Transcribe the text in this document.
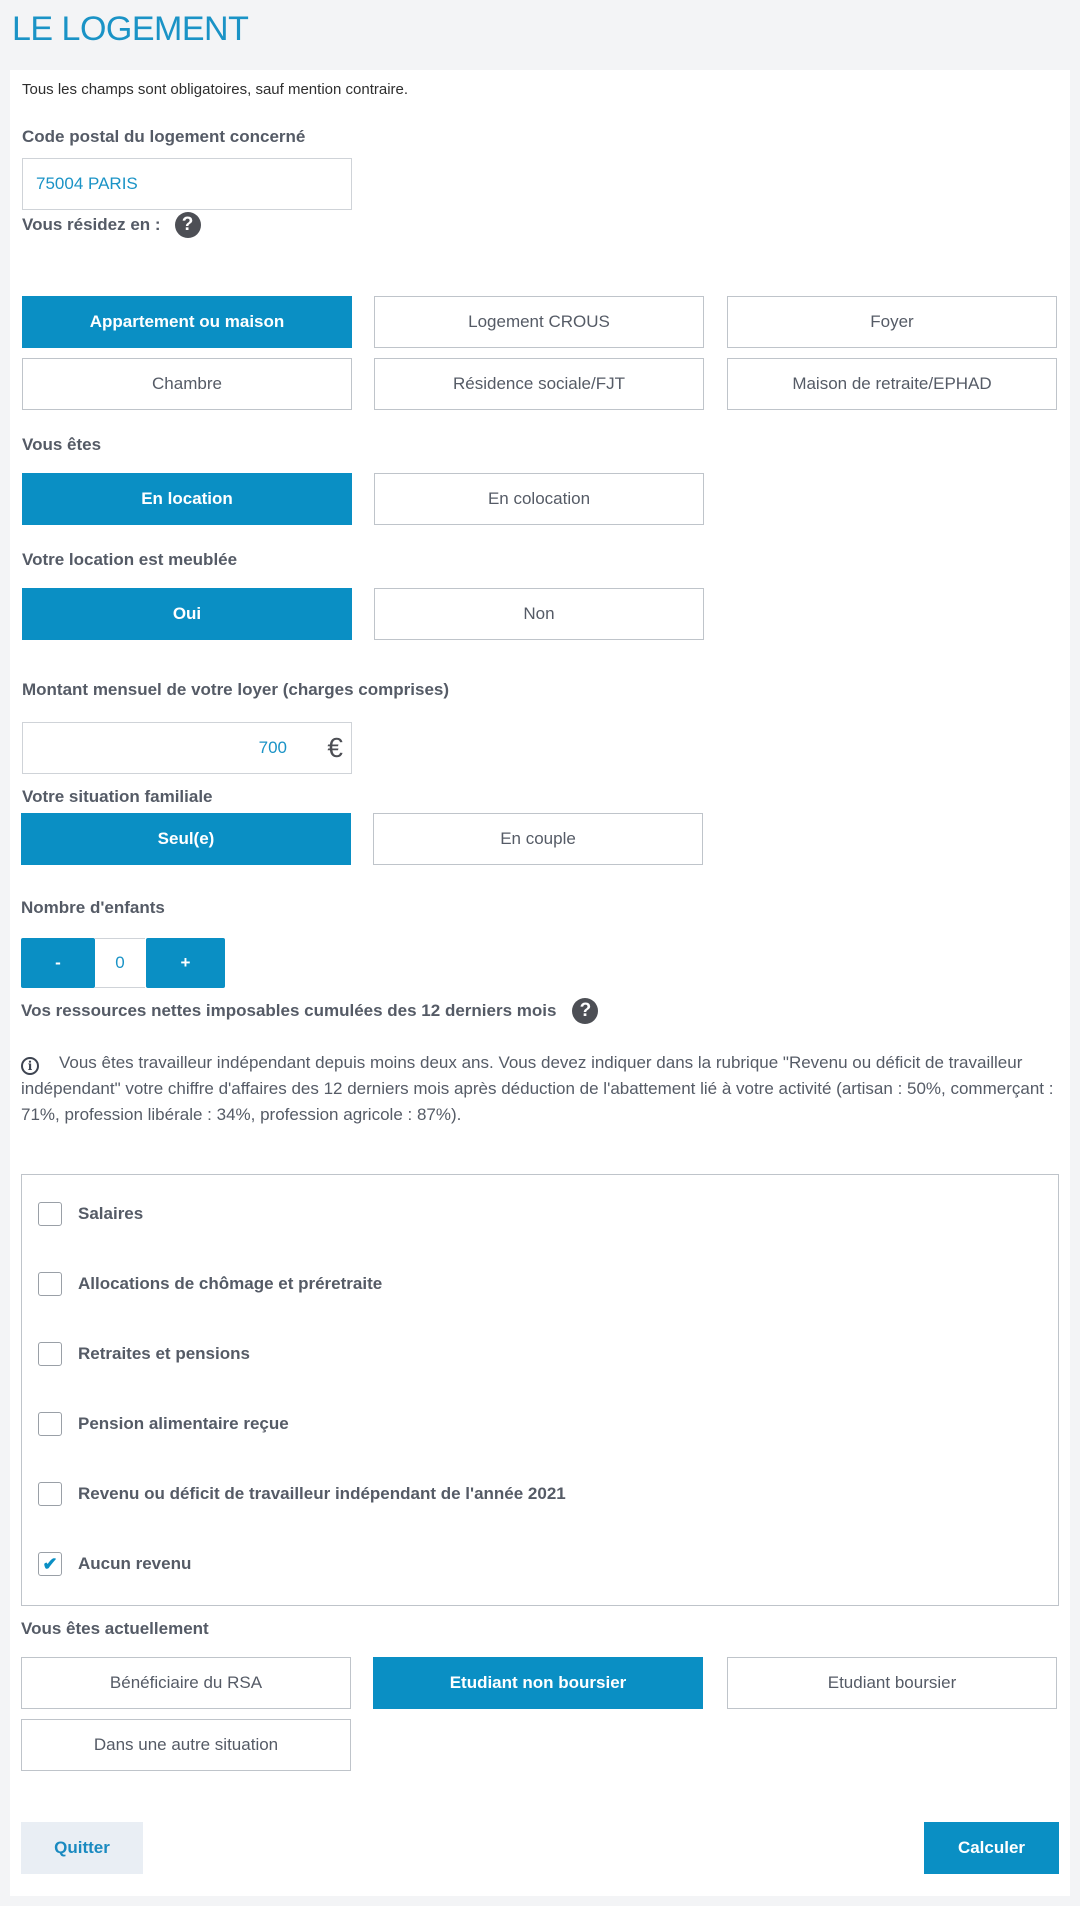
LE LOGEMENT
Tous les champs sont obligatoires, sauf mention contraire.
Code postal du logement concerné
75004 PARIS
Vous résidez en :	?
Appartement ou maison	Logement CROUS	Foyer
Chambre	Résidence sociale/FJT	Maison de retraite/EPHAD
Vous êtes
En location	En colocation
Votre location est meublée
Oui	Non
Montant mensuel de votre loyer (charges comprises)
700 €
Votre situation familiale
Seul(e)	En couple
Nombre d'enfants
-	0	+
Vos ressources nettes imposables cumulées des 12 derniers mois	?
i Vous êtes travailleur indépendant depuis moins deux ans. Vous devez indiquer dans la rubrique "Revenu ou déficit de travailleur indépendant" votre chiffre d'affaires des 12 derniers mois après déduction de l'abattement lié à votre activité (artisan : 50%, commerçant : 71%, profession libérale : 34%, profession agricole : 87%).
Salaires
Allocations de chômage et préretraite
Retraites et pensions
Pension alimentaire reçue
Revenu ou déficit de travailleur indépendant de l'année 2021
✔ Aucun revenu
Vous êtes actuellement
Bénéficiaire du RSA	Etudiant non boursier	Etudiant boursier
Dans une autre situation
Quitter	Calculer
